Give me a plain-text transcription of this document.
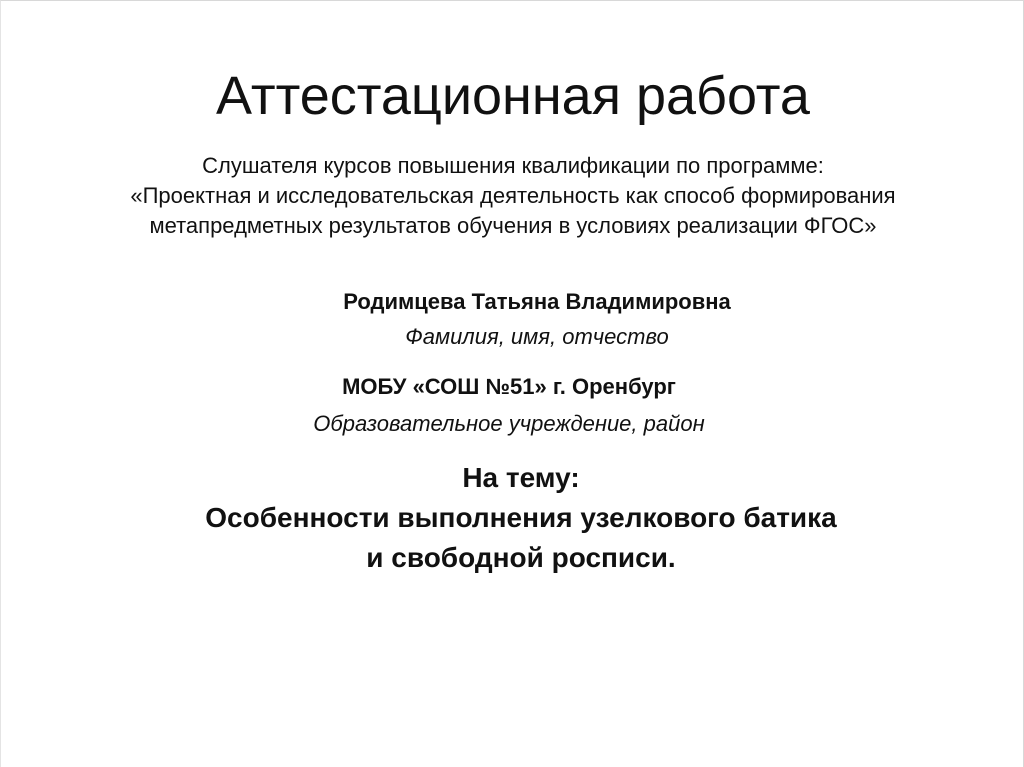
Аттестационная работа
Слушателя курсов повышения квалификации по программе:
«Проектная и исследовательская деятельность как способ формирования
метапредметных результатов обучения в условиях реализации ФГОС»
Родимцева Татьяна Владимировна
Фамилия, имя, отчество
МОБУ «СОШ №51» г. Оренбург
Образовательное учреждение, район
На тему:
Особенности выполнения узелкового батика
и свободной росписи.
